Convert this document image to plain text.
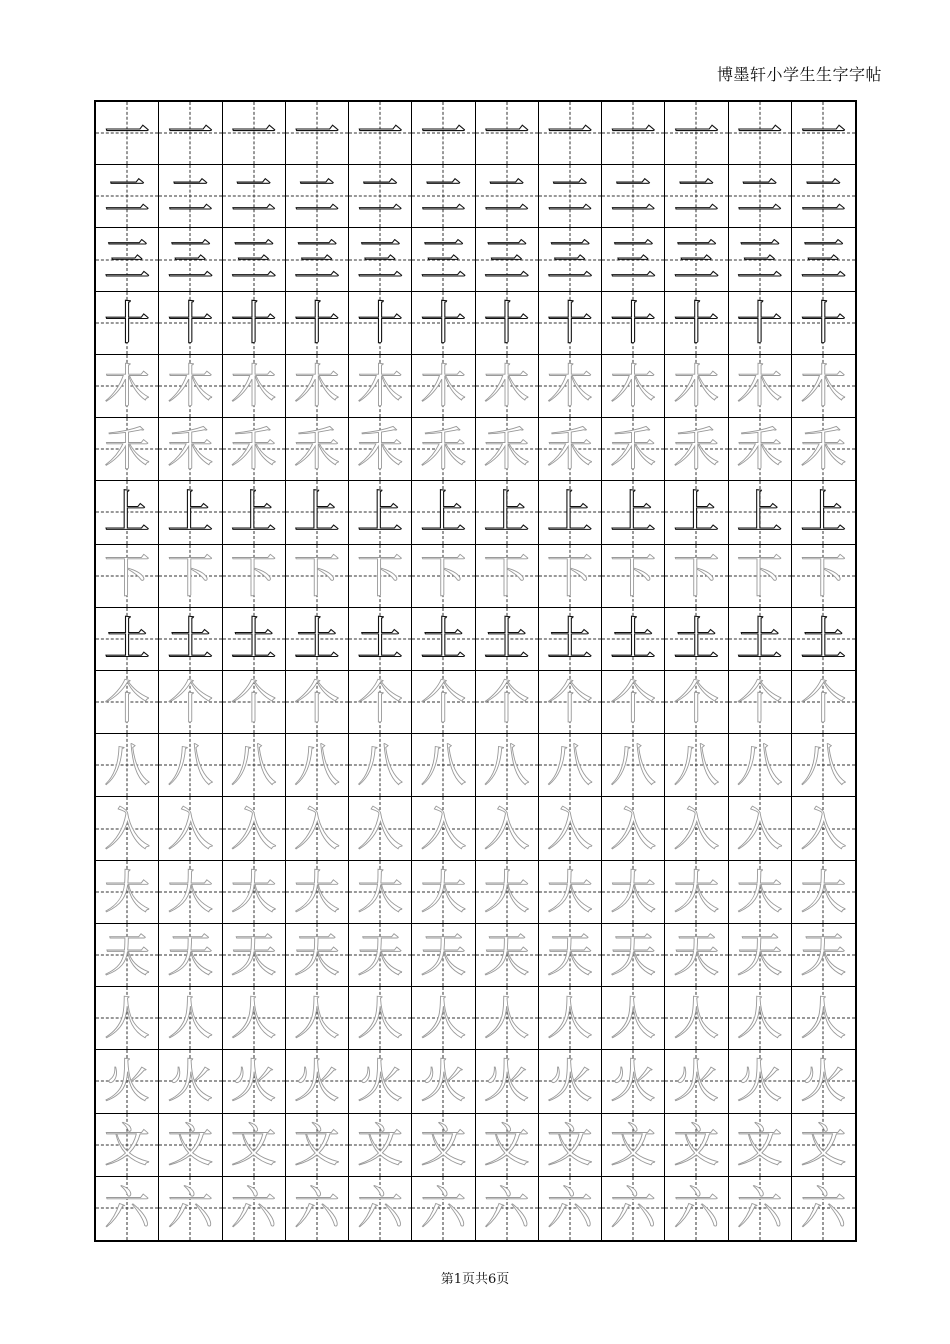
博墨轩小学生生字字帖
一 一 一 一 一 一 一 一 一 一 一 一
二 二 二 二 二 二 二 二 二 二 二 二
三 三 三 三 三 三 三 三 三 三 三 三
十 十 十 十 十 十 十 十 十 十 十 十
木 木 木 木 木 木 木 木 木 木 木 木
禾 禾 禾 禾 禾 禾 禾 禾 禾 禾 禾 禾
上 上 上 上 上 上 上 上 上 上 上 上
下 下 下 下 下 下 下 下 下 下 下 下
土 土 土 土 土 土 土 土 土 土 土 土
个 个 个 个 个 个 个 个 个 个 个 个
八 八 八 八 八 八 八 八 八 八 八 八
入 入 入 入 入 入 入 入 入 入 入 入
大 大 大 大 大 大 大 大 大 大 大 大
天 天 天 天 天 天 天 天 天 天 天 天
人 人 人 人 人 人 人 人 人 人 人 人
火 火 火 火 火 火 火 火 火 火 火 火
文 文 文 文 文 文 文 文 文 文 文 文
六 六 六 六 六 六 六 六 六 六 六 六
第1页共6页
